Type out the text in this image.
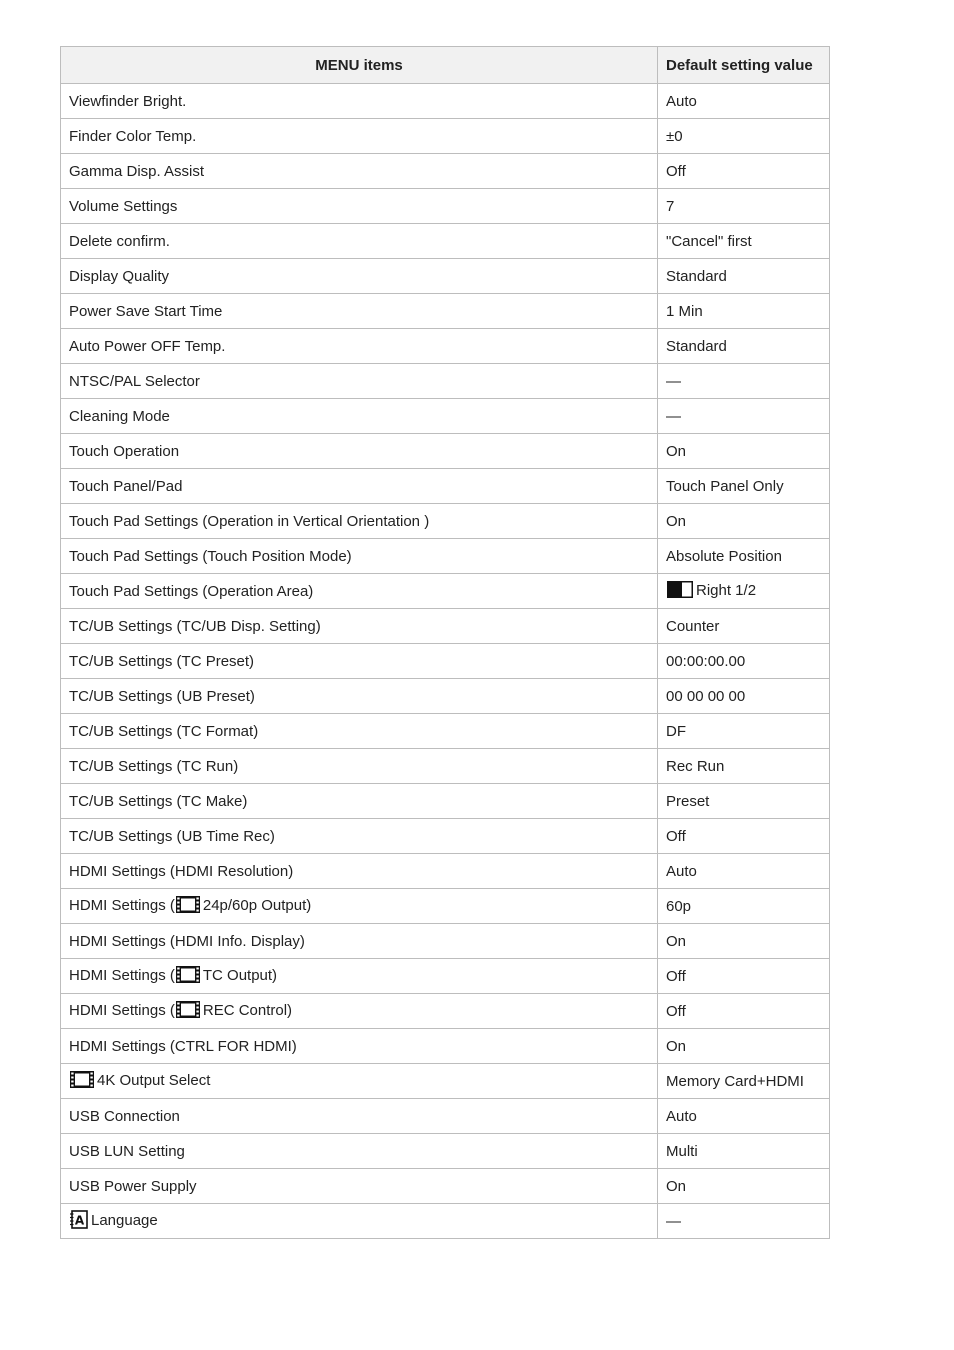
MENU items	Default setting value
Viewfinder Bright.	Auto
Finder Color Temp.	±0
Gamma Disp. Assist	Off
Volume Settings	7
Delete confirm.	"Cancel" first
Display Quality	Standard
Power Save Start Time	1 Min
Auto Power OFF Temp.	Standard
NTSC/PAL Selector	—
Cleaning Mode	—
Touch Operation	On
Touch Panel/Pad	Touch Panel Only
Touch Pad Settings (Operation in Vertical Orientation )	On
Touch Pad Settings (Touch Position Mode)	Absolute Position
Touch Pad Settings (Operation Area)	Right 1/2
TC/UB Settings (TC/UB Disp. Setting)	Counter
TC/UB Settings (TC Preset)	00:00:00.00
TC/UB Settings (UB Preset)	00 00 00 00
TC/UB Settings (TC Format)	DF
TC/UB Settings (TC Run)	Rec Run
TC/UB Settings (TC Make)	Preset
TC/UB Settings (UB Time Rec)	Off
HDMI Settings (HDMI Resolution)	Auto
HDMI Settings ( 24p/60p Output)	60p
HDMI Settings (HDMI Info. Display)	On
HDMI Settings ( TC Output)	Off
HDMI Settings ( REC Control)	Off
HDMI Settings (CTRL FOR HDMI)	On
4K Output Select	Memory Card+HDMI
USB Connection	Auto
USB LUN Setting	Multi
USB Power Supply	On

A Language	—
